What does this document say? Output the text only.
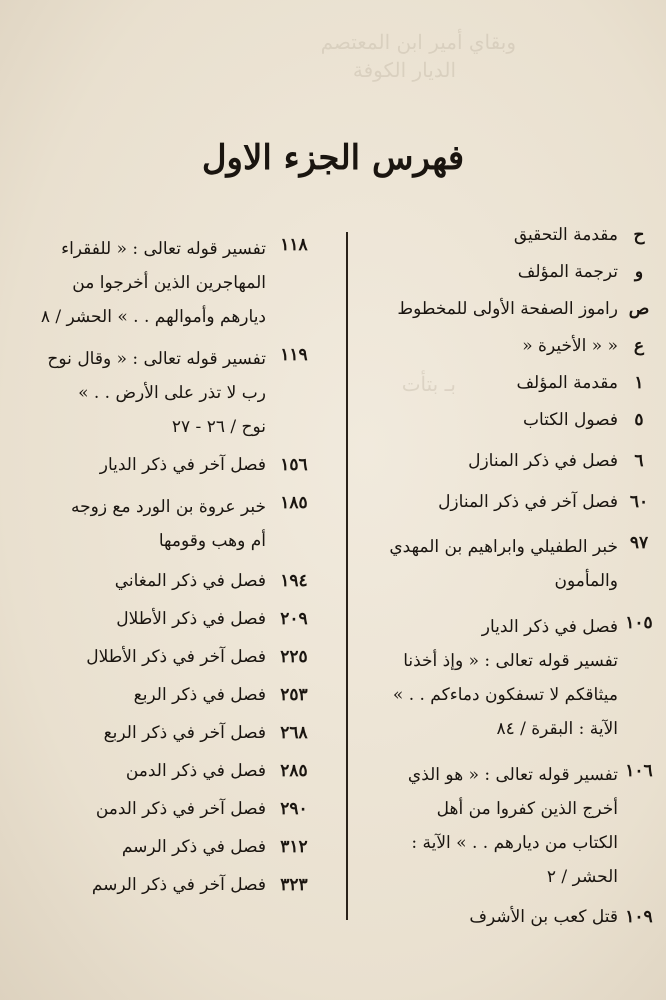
وبقاي أمير ابن المعتصم
الديار الكوفة
بـ بتأت
فهرس الجزء الاول
ح
مقدمة التحقيق
و
ترجمة المؤلف
ص
راموز الصفحة الأولى للمخطوط
ع
« « الأخيرة «
١
مقدمة المؤلف
٥
فصول الكتاب
٦
فصل في ذكر المنازل
٦٠
فصل آخر في ذكر المنازل
٩٧
خبر الطفيلي وابراهيم بن المهدي
والمأمون
١٠٥
فصل في ذكر الديار
تفسير قوله تعالى : « وإذ أخذنا
ميثاقكم لا تسفكون دماءكم . . »
الآية : البقرة / ٨٤
١٠٦
تفسير قوله تعالى : « هو الذي
أخرج الذين كفروا من أهل
الكتاب من ديارهم . . » الآية :
الحشر / ٢
١٠٩
قتل كعب بن الأشرف
١١٨
تفسير قوله تعالى : « للفقراء
المهاجرين الذين أخرجوا من
ديارهم وأموالهم . . » الحشر / ٨
١١٩
تفسير قوله تعالى : « وقال نوح
رب لا تذر على الأرض . . »
نوح / ٢٦ - ٢٧
١٥٦
فصل آخر في ذكر الديار
١٨٥
خبر عروة بن الورد مع زوجه
أم وهب وقومها
١٩٤
فصل في ذكر المغاني
٢٠٩
فصل في ذكر الأطلال
٢٢٥
فصل آخر في ذكر الأطلال
٢٥٣
فصل في ذكر الربع
٢٦٨
فصل آخر في ذكر الربع
٢٨٥
فصل في ذكر الدمن
٢٩٠
فصل آخر في ذكر الدمن
٣١٢
فصل في ذكر الرسم
٣٢٣
فصل آخر في ذكر الرسم
